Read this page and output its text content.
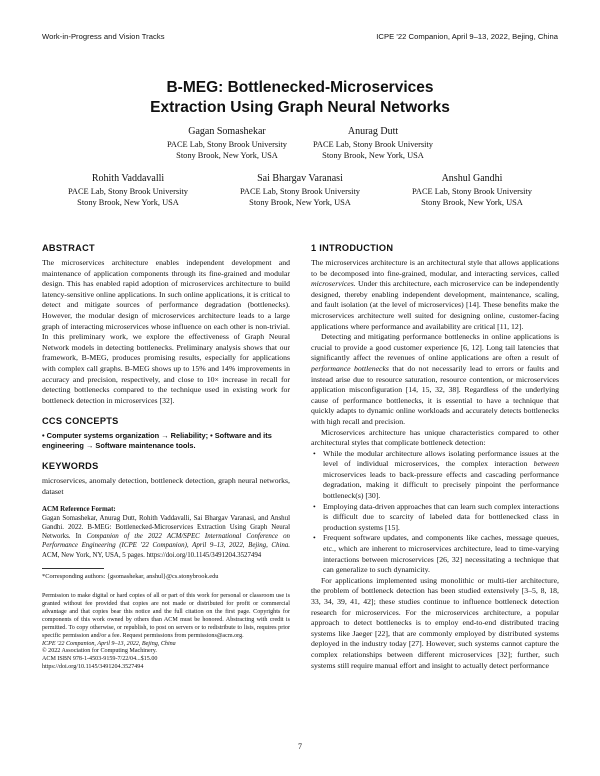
Work-in-Progress and Vision Tracks	ICPE '22 Companion, April 9–13, 2022, Bejing, China
B-MEG: Bottlenecked-Microservices
Extraction Using Graph Neural Networks
Gagan Somashekar
PACE Lab, Stony Brook University
Stony Brook, New York, USA
Anurag Dutt
PACE Lab, Stony Brook University
Stony Brook, New York, USA
Rohith Vaddavalli
PACE Lab, Stony Brook University
Stony Brook, New York, USA
Sai Bhargav Varanasi
PACE Lab, Stony Brook University
Stony Brook, New York, USA
Anshul Gandhi
PACE Lab, Stony Brook University
Stony Brook, New York, USA
ABSTRACT

The microservices architecture enables independent development and maintenance of application components through its fine-grained and modular design. This has enabled rapid adoption of microservices architecture to build latency-sensitive online applications. In such online applications, it is critical to detect and mitigate sources of performance degradation (bottlenecks). However, the modular design of microservices architecture leads to a large graph of interacting microservices whose influence on each other is non-trivial. In this preliminary work, we explore the effectiveness of Graph Neural Network models in detecting bottlenecks. Preliminary analysis shows that our framework, B-MEG, produces promising results, especially for applications with complex call graphs. B-MEG shows up to 15% and 14% improvements in accuracy and precision, respectively, and close to 10× increase in recall for detecting bottlenecks compared to the technique used in existing work for bottleneck detection in microservices [32].

CCS CONCEPTS

• Computer systems organization → Reliability; • Software and its engineering → Software maintenance tools.

KEYWORDS

microservices, anomaly detection, bottleneck detection, graph neural networks, dataset

ACM Reference Format:

Gagan Somashekar, Anurag Dutt, Rohith Vaddavalli, Sai Bhargav Varanasi, and Anshul Gandhi. 2022. B-MEG: Bottlenecked-Microservices Extraction Using Graph Neural Networks. In Companion of the 2022 ACM/SPEC International Conference on Performance Engineering (ICPE '22 Companion), April 9–13, 2022, Bejing, China. ACM, New York, NY, USA, 5 pages. https://doi.org/10.1145/3491204.3527494

*Corresponding authors: {gsomashekar, anshul}@cs.stonybrook.edu

Permission to make digital or hard copies of all or part of this work for personal or classroom use is granted without fee provided that copies are not made or distributed for profit or commercial advantage and that copies bear this notice and the full citation on the first page. Copyrights for components of this work owned by others than ACM must be honored. Abstracting with credit is permitted. To copy otherwise, or republish, to post on servers or to redistribute to lists, requires prior specific permission and/or a fee. Request permissions from permissions@acm.org.

ICPE '22 Companion, April 9–13, 2022, Bejing, China
© 2022 Association for Computing Machinery.
ACM ISBN 978-1-4503-9159-7/22/04...$15.00
https://doi.org/10.1145/3491204.3527494
1 INTRODUCTION

The microservices architecture is an architectural style that allows applications to be decomposed into fine-grained, modular, and interacting services, called microservices. Under this architecture, each microservice can be independently designed, thereby enabling independent development, maintenance, scaling, and fault isolation (at the level of microservices) [14]. These benefits make the microservices architecture well suited for designing online, customer-facing applications where performance and availability are critical [11, 12].

Detecting and mitigating performance bottlenecks in online applications is crucial to provide a good customer experience [6, 12]. Long tail latencies that significantly affect the revenues of online applications are often a result of performance bottlenecks that do not necessarily lead to errors or faults and instead arise due to resource saturation, resource contention, or microservices application misconfiguration [14, 15, 32, 38]. Regardless of the underlying cause of performance bottlenecks, it is essential to have a technique that quickly adapts to dynamic online workloads and accurately detects bottlenecks with high recall and precision.

Microservices architecture has unique characteristics compared to other architectural styles that complicate bottleneck detection:

• While the modular architecture allows isolating performance issues at the level of individual microservices, the complex interaction between microservices leads to back-pressure effects and cascading performance degradation, making it difficult to precisely pinpoint the performance bottleneck(s) [30].

• Employing data-driven approaches that can learn such complex interactions is difficult due to scarcity of labeled data for bottlenecked class in production systems [15].

• Frequent software updates, and components like caches, message queues, etc., which are inherent to microservices architecture, lead to time-varying interactions between microservices [26, 32] necessitating a technique that can generalize to such dynamicity.

For applications implemented using monolithic or multi-tier architecture, the problem of bottleneck detection has been studied extensively [3–5, 8, 18, 33, 34, 39, 41, 42]; these studies continue to influence bottleneck detection research for microservices. For the microservices architecture, a popular approach to detect bottlenecks is to employ end-to-end distributed tracing systems like Jaeger [22], that are commonly employed by distributed systems deployed in the industry today [27]. However, such systems cannot capture the complex relationships between different microservices [32]; further, such systems still require manual effort and insight to actually detect performance

7
